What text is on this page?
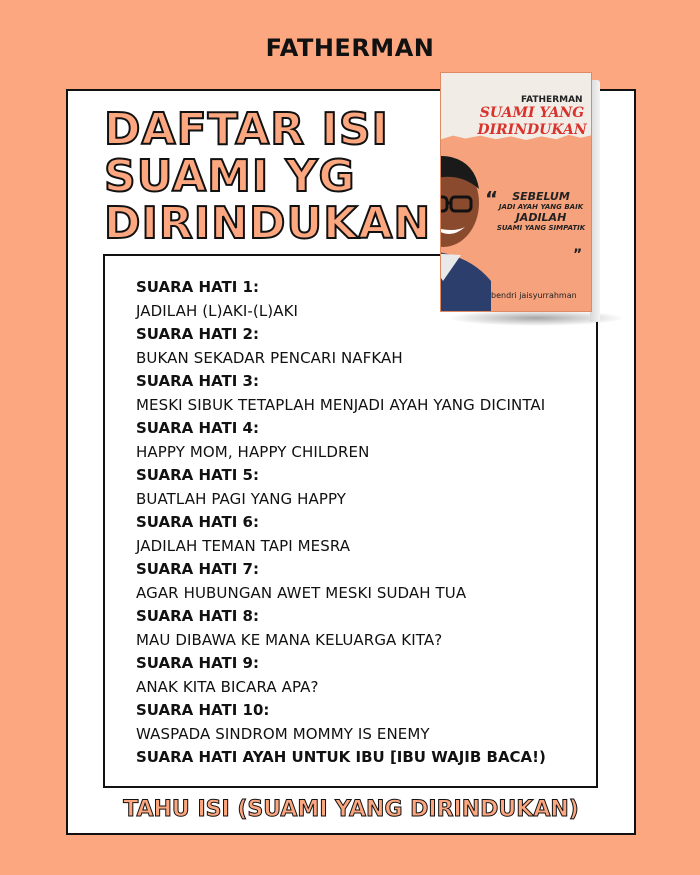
FATHERMAN
DAFTAR ISI
SUAMI YG
DIRINDUKAN
FATHERMAN
SUAMI YANG
DIRINDUKAN
“	SEBELUM
JADI AYAH YANG BAIK
JADILAH
SUAMI YANG SIMPATIK
”
bendri jaisyurrahman
SUARA HATI 1:
JADILAH (L)AKI-(L)AKI
SUARA HATI 2:
BUKAN SEKADAR PENCARI NAFKAH
SUARA HATI 3:
MESKI SIBUK TETAPLAH MENJADI AYAH YANG DICINTAI
SUARA HATI 4:
HAPPY MOM, HAPPY CHILDREN
SUARA HATI 5:
BUATLAH PAGI YANG HAPPY
SUARA HATI 6:
JADILAH TEMAN TAPI MESRA
SUARA HATI 7:
AGAR HUBUNGAN AWET MESKI SUDAH TUA
SUARA HATI 8:
MAU DIBAWA KE MANA KELUARGA KITA?
SUARA HATI 9:
ANAK KITA BICARA APA?
SUARA HATI 10:
WASPADA SINDROM MOMMY IS ENEMY
SUARA HATI AYAH UNTUK IBU [IBU WAJIB BACA!)
TAHU ISI (SUAMI YANG DIRINDUKAN)
